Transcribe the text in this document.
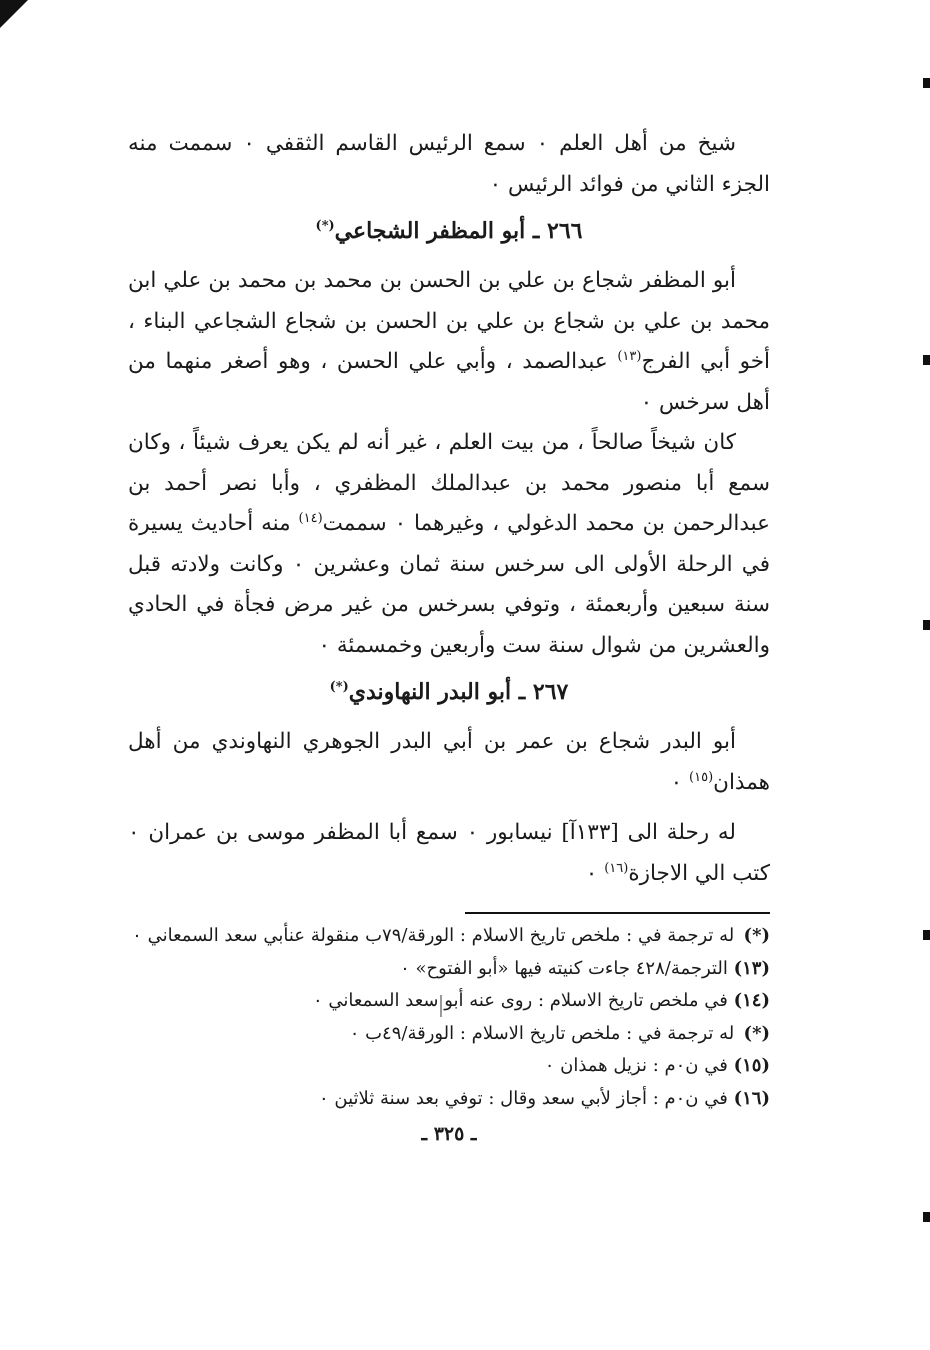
شيخ من أهل العلم ٠ سمع الرئيس القاسم الثقفي ٠ سممت منه الجزء الثاني من فوائد الرئيس ٠

٢٦٦ ـ أبو المظفر الشجاعي(*)

أبو المظفر شجاع بن علي بن الحسن بن محمد بن محمد بن علي ابن محمد بن علي بن شجاع بن علي بن الحسن بن شجاع الشجاعي البناء ، أخو أبي الفرج$^{(١٣)}$ عبدالصمد ، وأبي علي الحسن ، وهو أصغر منهما من أهل سرخس ٠

كان شيخاً صالحاً ، من بيت العلم ، غير أنه لم يكن يعرف شيئاً ، وكان سمع أبا منصور محمد بن عبدالملك المظفري ، وأبا نصر أحمد بن عبدالرحمن بن محمد الدغولي ، وغيرهما ٠ سممت$^{(١٤)}$ منه أحاديث يسيرة في الرحلة الأولى الى سرخس سنة ثمان وعشرين ٠ وكانت ولادته قبل سنة سبعين وأربعمئة ، وتوفي بسرخس من غير مرض فجأة في الحادي والعشرين من شوال سنة ست وأربعين وخمسمئة ٠

٢٦٧ ـ أبو البدر النهاوندي(*)

أبو البدر شجاع بن عمر بن أبي البدر الجوهري النهاوندي من أهل همذان$^{(١٥)}$ ٠

له رحلة الى [١٣٣آ] نيسابور ٠ سمع أبا المظفر موسى بن عمران ٠ كتب الي الاجازة$^{(١٦)}$ ٠

(*) له ترجمة في : ملخص تاريخ الاسلام : الورقة/٧٩ب منقولة عنأبي سعد السمعاني ٠

(١٣) الترجمة/٤٢٨ جاءت كنيته فيها «أبو الفتوح» ٠

(١٤) في ملخص تاريخ الاسلام : روى عنه أبو سعد السمعاني ٠

(*) له ترجمة في : ملخص تاريخ الاسلام : الورقة/٤٩ب ٠

(١٥) في ن٠م : نزيل همذان ٠

(١٦) في ن٠م : أجاز لأبي سعد وقال : توفي بعد سنة ثلاثين ٠

ـ ٣٢٥ ـ
